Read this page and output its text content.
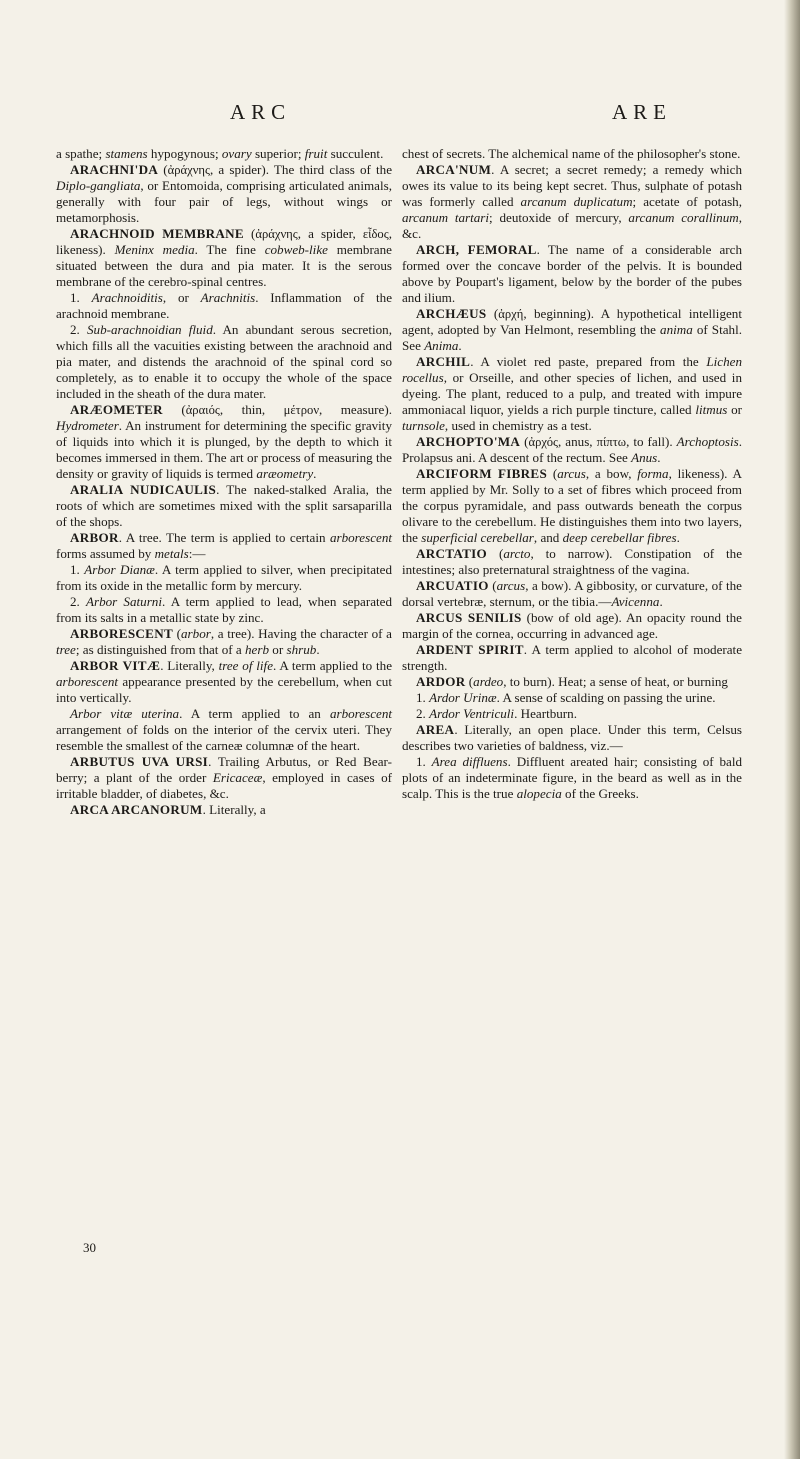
ARC	ARE

a spathe; stamens hypogynous; ovary superior; fruit succulent.

ARACHNI'DA (ἀράχνης, a spider). The third class of the Diplo-gangliata, or Entomoida, comprising articulated animals, generally with four pair of legs, without wings or metamorphosis.

ARACHNOID MEMBRANE (ἀράχνης, a spider, εἶδος, likeness). Meninx media. The fine cobweb-like membrane situated between the dura and pia mater. It is the serous membrane of the cerebro-spinal centres.

1. Arachnoiditis, or Arachnitis. Inflammation of the arachnoid membrane.

2. Sub-arachnoidian fluid. An abundant serous secretion, which fills all the vacuities existing between the arachnoid and pia mater, and distends the arachnoid of the spinal cord so completely, as to enable it to occupy the whole of the space included in the sheath of the dura mater.

ARÆOMETER (ἀραιός, thin, μέτρον, measure). Hydrometer. An instrument for determining the specific gravity of liquids into which it is plunged, by the depth to which it becomes immersed in them. The art or process of measuring the density or gravity of liquids is termed aræometry.

ARALIA NUDICAULIS. The naked-stalked Aralia, the roots of which are sometimes mixed with the split sarsaparilla of the shops.

ARBOR. A tree. The term is applied to certain arborescent forms assumed by metals:—

1. Arbor Dianæ. A term applied to silver, when precipitated from its oxide in the metallic form by mercury.

2. Arbor Saturni. A term applied to lead, when separated from its salts in a metallic state by zinc.

ARBORESCENT (arbor, a tree). Having the character of a tree; as distinguished from that of a herb or shrub.

ARBOR VITÆ. Literally, tree of life. A term applied to the arborescent appearance presented by the cerebellum, when cut into vertically.

Arbor vitæ uterina. A term applied to an arborescent arrangement of folds on the interior of the cervix uteri. They resemble the smallest of the carneæ columnæ of the heart.

ARBUTUS UVA URSI. Trailing Arbutus, or Red Bear-berry; a plant of the order Ericaceæ, employed in cases of irritable bladder, of diabetes, &c.

ARCA ARCANORUM. Literally, a

chest of secrets. The alchemical name of the philosopher's stone.

ARCA'NUM. A secret; a secret remedy; a remedy which owes its value to its being kept secret. Thus, sulphate of potash was formerly called arcanum duplicatum; acetate of potash, arcanum tartari; deutoxide of mercury, arcanum corallinum, &c.

ARCH, FEMORAL. The name of a considerable arch formed over the concave border of the pelvis. It is bounded above by Poupart's ligament, below by the border of the pubes and ilium.

ARCHÆUS (ἀρχή, beginning). A hypothetical intelligent agent, adopted by Van Helmont, resembling the anima of Stahl. See Anima.

ARCHIL. A violet red paste, prepared from the Lichen rocellus, or Orseille, and other species of lichen, and used in dyeing. The plant, reduced to a pulp, and treated with impure ammoniacal liquor, yields a rich purple tincture, called litmus or turnsole, used in chemistry as a test.

ARCHOPTO'MA (ἀρχός, anus, πίπτω, to fall). Archoptosis. Prolapsus ani. A descent of the rectum. See Anus.

ARCIFORM FIBRES (arcus, a bow, forma, likeness). A term applied by Mr. Solly to a set of fibres which proceed from the corpus pyramidale, and pass outwards beneath the corpus olivare to the cerebellum. He distinguishes them into two layers, the superficial cerebellar, and deep cerebellar fibres.

ARCTATIO (arcto, to narrow). Constipation of the intestines; also preternatural straightness of the vagina.

ARCUATIO (arcus, a bow). A gibbosity, or curvature, of the dorsal vertebræ, sternum, or the tibia.—Avicenna.

ARCUS SENILIS (bow of old age). An opacity round the margin of the cornea, occurring in advanced age.

ARDENT SPIRIT. A term applied to alcohol of moderate strength.

ARDOR (ardeo, to burn). Heat; a sense of heat, or burning

1. Ardor Urinæ. A sense of scalding on passing the urine.

2. Ardor Ventriculi. Heartburn.

AREA. Literally, an open place. Under this term, Celsus describes two varieties of baldness, viz.—

1. Area diffluens. Diffluent areated hair; consisting of bald plots of an indeterminate figure, in the beard as well as in the scalp. This is the true alopecia of the Greeks.

30
